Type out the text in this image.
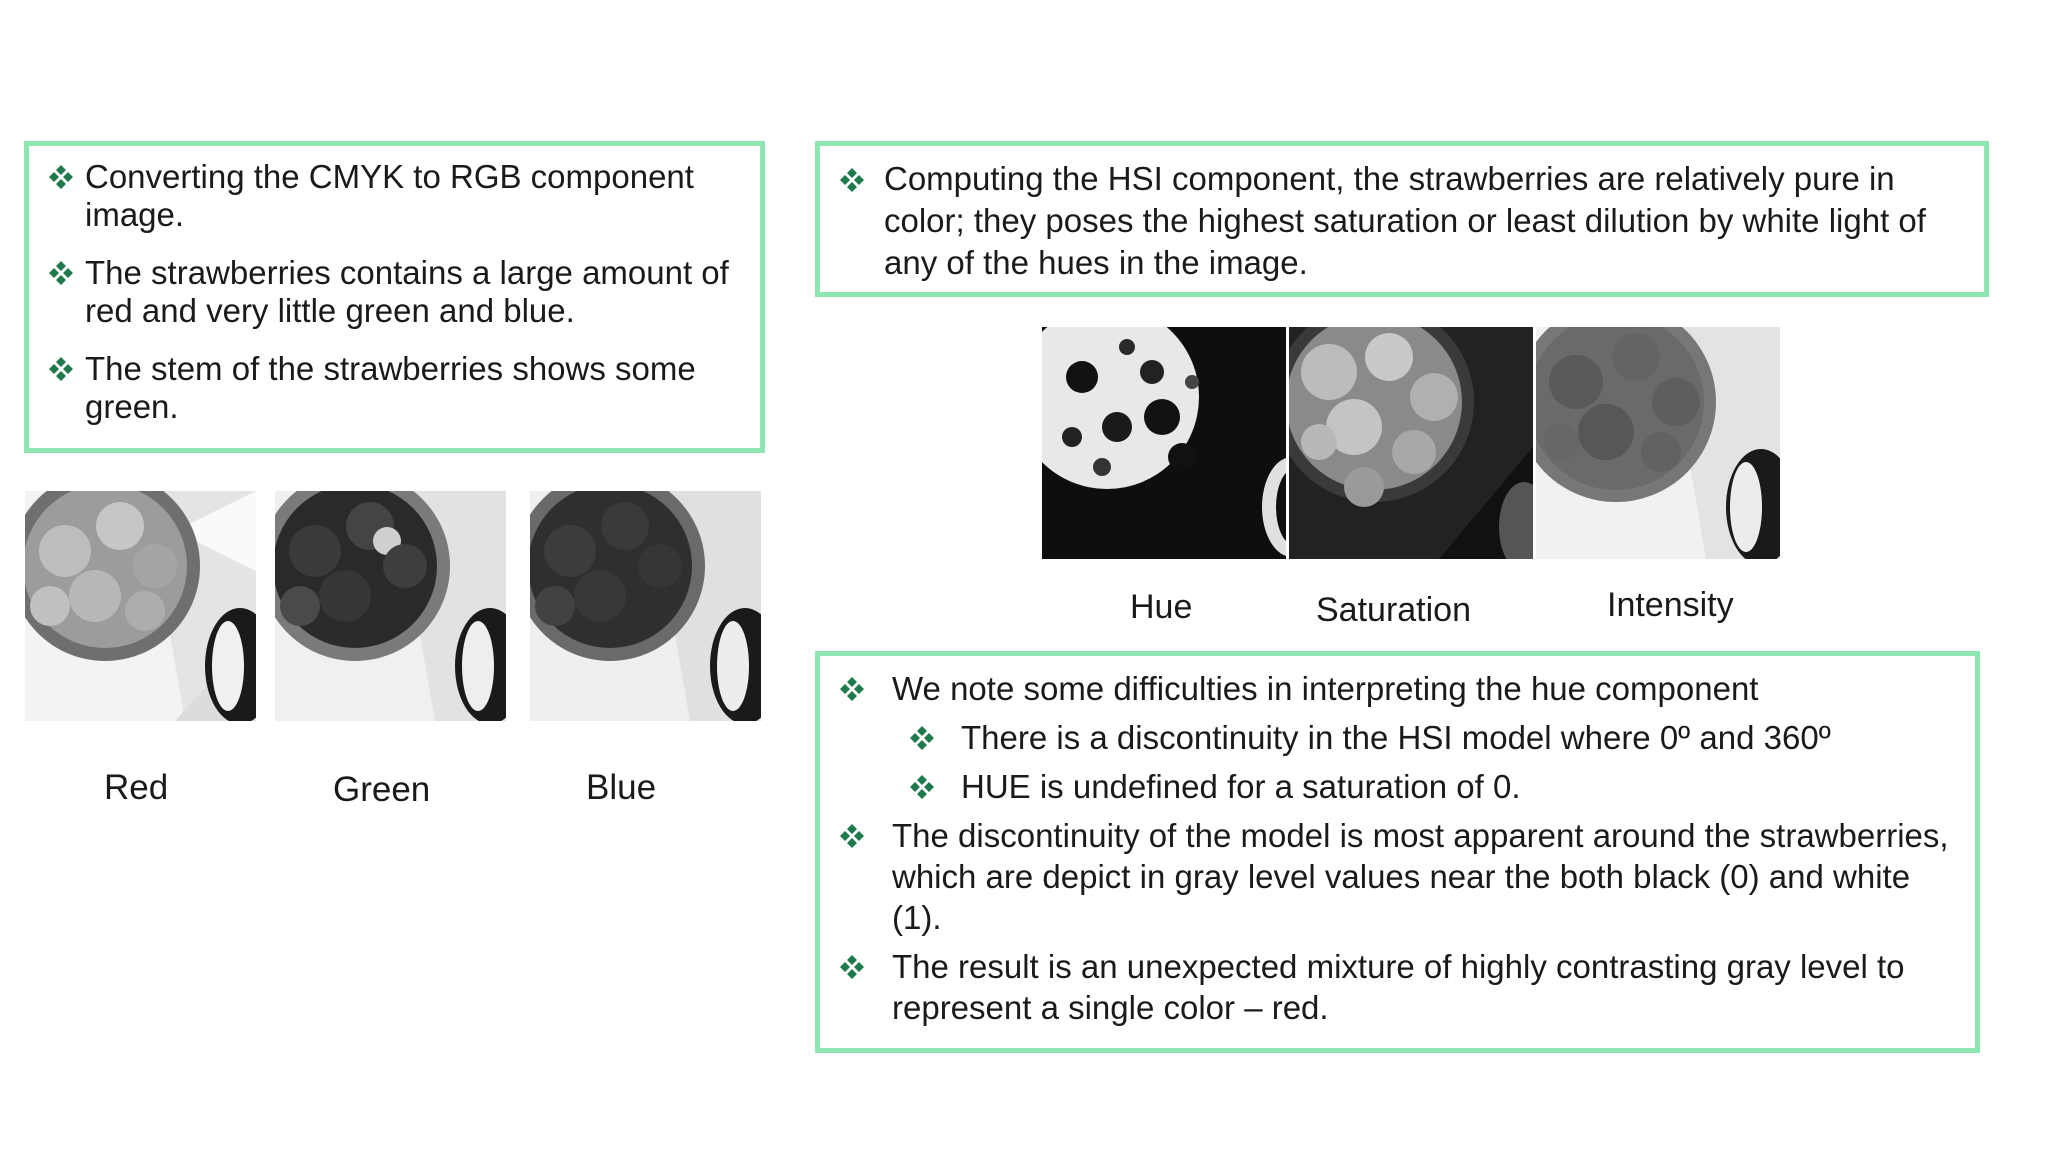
Converting the CMYK to RGB component image.
The strawberries contains a large amount of red and very little green and blue.
The stem of the strawberries shows some green.
Red	Green	Blue
Computing the HSI component, the strawberries are relatively pure in color; they poses the highest saturation or least dilution by white light of any of the hues in the image.
Hue	Saturation	Intensity
We note some difficulties in interpreting the hue component
There is a discontinuity in the HSI model where 0º and 360º
HUE is undefined for a saturation of 0.
The discontinuity of the model is most apparent around the strawberries, which are depict in gray level values near the both black (0) and white (1).
The result is an unexpected mixture of highly contrasting gray level to represent a single color – red.
